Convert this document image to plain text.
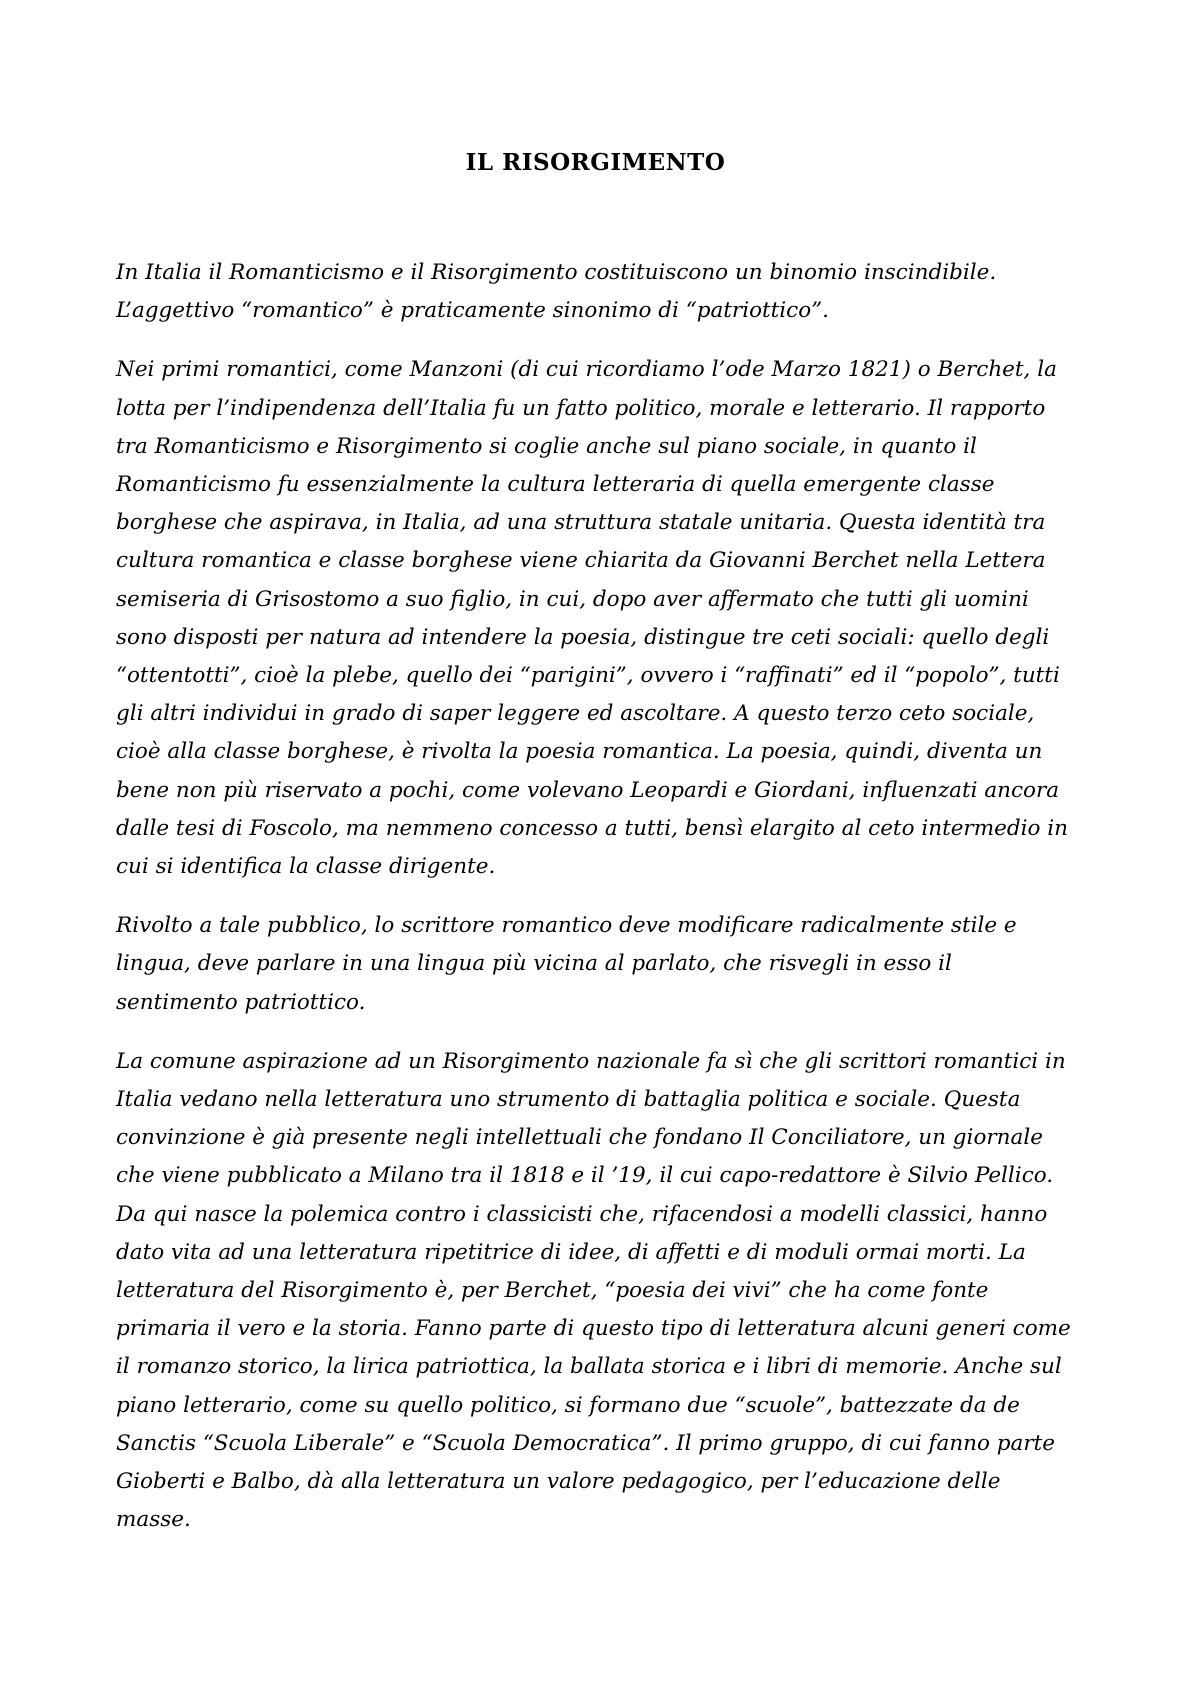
IL RISORGIMENTO

In Italia il Romanticismo e il Risorgimento costituiscono un binomio inscindibile. L’aggettivo “romantico” è praticamente sinonimo di “patriottico”.

Nei primi romantici, come Manzoni (di cui ricordiamo l’ode Marzo 1821) o Berchet, la lotta per l’indipendenza dell’Italia fu un fatto politico, morale e letterario. Il rapporto tra Romanticismo e Risorgimento si coglie anche sul piano sociale, in quanto il Romanticismo fu essenzialmente la cultura letteraria di quella emergente classe borghese che aspirava, in Italia, ad una struttura statale unitaria. Questa identità tra cultura romantica e classe borghese viene chiarita da Giovanni Berchet nella Lettera semiseria di Grisostomo a suo figlio, in cui, dopo aver affermato che tutti gli uomini sono disposti per natura ad intendere la poesia, distingue tre ceti sociali: quello degli “ottentotti”, cioè la plebe, quello dei “parigini”, ovvero i “raffinati” ed il “popolo”, tutti gli altri individui in grado di saper leggere ed ascoltare. A questo terzo ceto sociale, cioè alla classe borghese, è rivolta la poesia romantica. La poesia, quindi, diventa un bene non più riservato a pochi, come volevano Leopardi e Giordani, influenzati ancora dalle tesi di Foscolo, ma nemmeno concesso a tutti, bensì elargito al ceto intermedio in cui si identifica la classe dirigente.

Rivolto a tale pubblico, lo scrittore romantico deve modificare radicalmente stile e lingua, deve parlare in una lingua più vicina al parlato, che risvegli in esso il sentimento patriottico.

La comune aspirazione ad un Risorgimento nazionale fa sì che gli scrittori romantici in Italia vedano nella letteratura uno strumento di battaglia politica e sociale. Questa convinzione è già presente negli intellettuali che fondano Il Conciliatore, un giornale che viene pubblicato a Milano tra il 1818 e il ’19, il cui capo-redattore è Silvio Pellico. Da qui nasce la polemica contro i classicisti che, rifacendosi a modelli classici, hanno dato vita ad una letteratura ripetitrice di idee, di affetti e di moduli ormai morti. La letteratura del Risorgimento è, per Berchet, “poesia dei vivi” che ha come fonte primaria il vero e la storia. Fanno parte di questo tipo di letteratura alcuni generi come il romanzo storico, la lirica patriottica, la ballata storica e i libri di memorie. Anche sul piano letterario, come su quello politico, si formano due “scuole”, battezzate da de Sanctis “Scuola Liberale” e “Scuola Democratica”. Il primo gruppo, di cui fanno parte Gioberti e Balbo, dà alla letteratura un valore pedagogico, per l’educazione delle masse.
